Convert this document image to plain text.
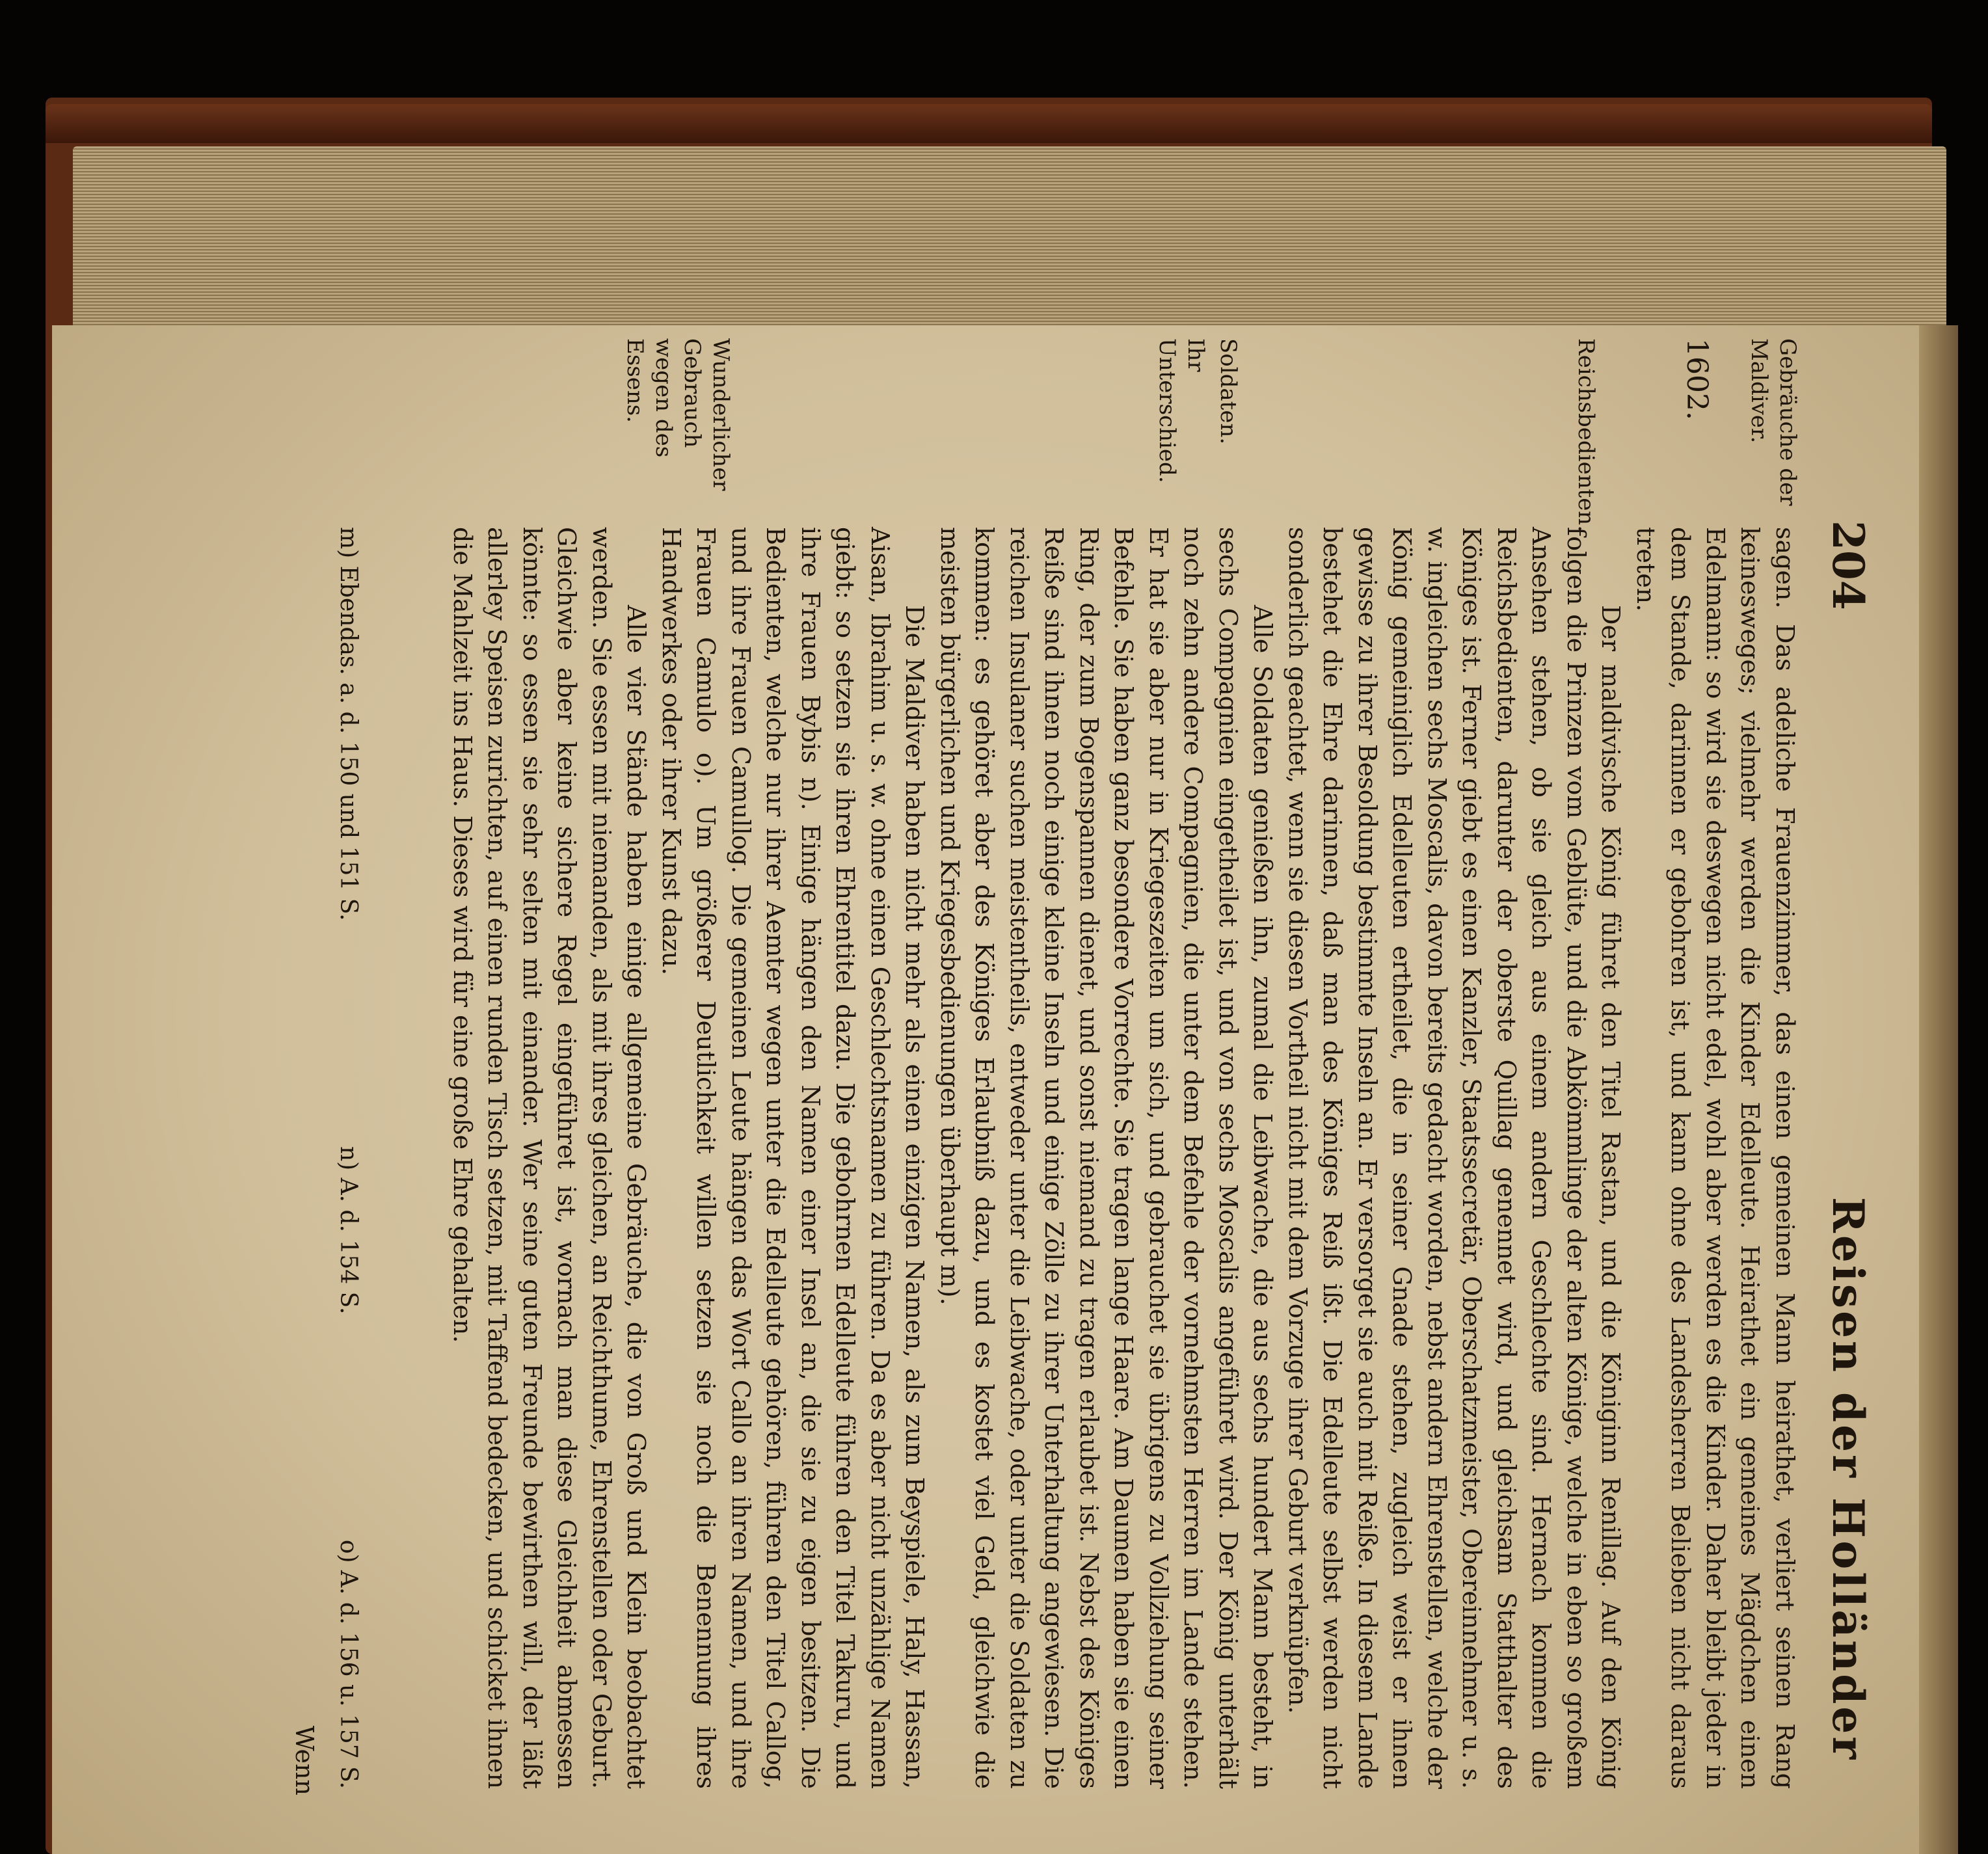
204
Reisen der Holländer
Gebräuche der Maldiver.
1602.
Reichsbedienten.
Soldaten.
Ihr Unterschied.
Wunderlicher Gebrauch wegen des Essens.

sagen. Das adeliche Frauenzimmer, das einen gemeinen Mann heirathet, verliert seinen Rang keinesweges; vielmehr werden die Kinder Edelleute. Heirathet ein gemeines Mägdchen einen Edelmann: so wird sie deswegen nicht edel, wohl aber werden es die Kinder. Daher bleibt jeder in dem Stande, darinnen er gebohren ist, und kann ohne des Landesherren Belieben nicht daraus treten.

Der maldivische König führet den Titel Rastan, und die Königinn Renillag. Auf den König folgen die Prinzen vom Geblüte, und die Abkömmlinge der alten Könige, welche in eben so großem Ansehen stehen, ob sie gleich aus einem andern Geschlechte sind. Hernach kommen die Reichsbedienten, darunter der oberste Quillag genennet wird, und gleichsam Statthalter des Königes ist. Ferner giebt es einen Kanzler, Staatssecretär, Oberschatzmeister, Obereinnehmer u. s. w. ingleichen sechs Moscalis, davon bereits gedacht worden, nebst andern Ehrenstellen, welche der König gemeiniglich Edelleuten ertheilet, die in seiner Gnade stehen, zugleich weist er ihnen gewisse zu ihrer Besoldung bestimmte Inseln an. Er versorget sie auch mit Reiße. In diesem Lande bestehet die Ehre darinnen, daß man des Königes Reiß ißt. Die Edelleute selbst werden nicht sonderlich geachtet, wenn sie diesen Vortheil nicht mit dem Vorzuge ihrer Geburt verknüpfen.

Alle Soldaten genießen ihn, zumal die Leibwache, die aus sechs hundert Mann besteht, in sechs Compagnien eingetheilet ist, und von sechs Moscalis angeführet wird. Der König unterhält noch zehn andere Compagnien, die unter dem Befehle der vornehmsten Herren im Lande stehen. Er hat sie aber nur in Kriegeszeiten um sich, und gebrauchet sie übrigens zu Vollziehung seiner Befehle. Sie haben ganz besondere Vorrechte. Sie tragen lange Haare. Am Daumen haben sie einen Ring, der zum Bogenspannen dienet, und sonst niemand zu tragen erlaubet ist. Nebst des Königes Reiße sind ihnen noch einige kleine Inseln und einige Zölle zu ihrer Unterhaltung angewiesen. Die reichen Insulaner suchen meistentheils, entweder unter die Leibwache, oder unter die Soldaten zu kommen: es gehöret aber des Königes Erlaubniß dazu, und es kostet viel Geld, gleichwie die meisten bürgerlichen und Kriegesbedienungen überhaupt m).

Die Maldiver haben nicht mehr als einen einzigen Namen, als zum Beyspiele, Haly, Hassan, Aisan, Ibrahim u. s. w. ohne einen Geschlechtsnamen zu führen. Da es aber nicht unzählige Namen giebt: so setzen sie ihren Ehrentitel dazu. Die gebohrnen Edelleute führen den Titel Takuru, und ihre Frauen Bybis n). Einige hängen den Namen einer Insel an, die sie zu eigen besitzen. Die Bedienten, welche nur ihrer Aemter wegen unter die Edelleute gehören, führen den Titel Callog, und ihre Frauen Camullog. Die gemeinen Leute hängen das Wort Callo an ihren Namen, und ihre Frauen Camulo o). Um größerer Deutlichkeit willen setzen sie noch die Benennung ihres Handwerkes oder ihrer Kunst dazu.

Alle vier Stände haben einige allgemeine Gebräuche, die von Groß und Klein beobachtet werden. Sie essen mit niemanden, als mit ihres gleichen, an Reichthume, Ehrenstellen oder Geburt. Gleichwie aber keine sichere Regel eingeführet ist, wornach man diese Gleichheit abmessen könnte: so essen sie sehr selten mit einander. Wer seine guten Freunde bewirthen will, der läßt allerley Speisen zurichten, auf einen runden Tisch setzen, mit Taffend bedecken, und schicket ihnen die Mahlzeit ins Haus. Dieses wird für eine große Ehre gehalten.

m) Ebendas. a. d. 150 und 151 S.
n) A. d. 154 S.
o) A. d. 156 u. 157 S.
Wenn
